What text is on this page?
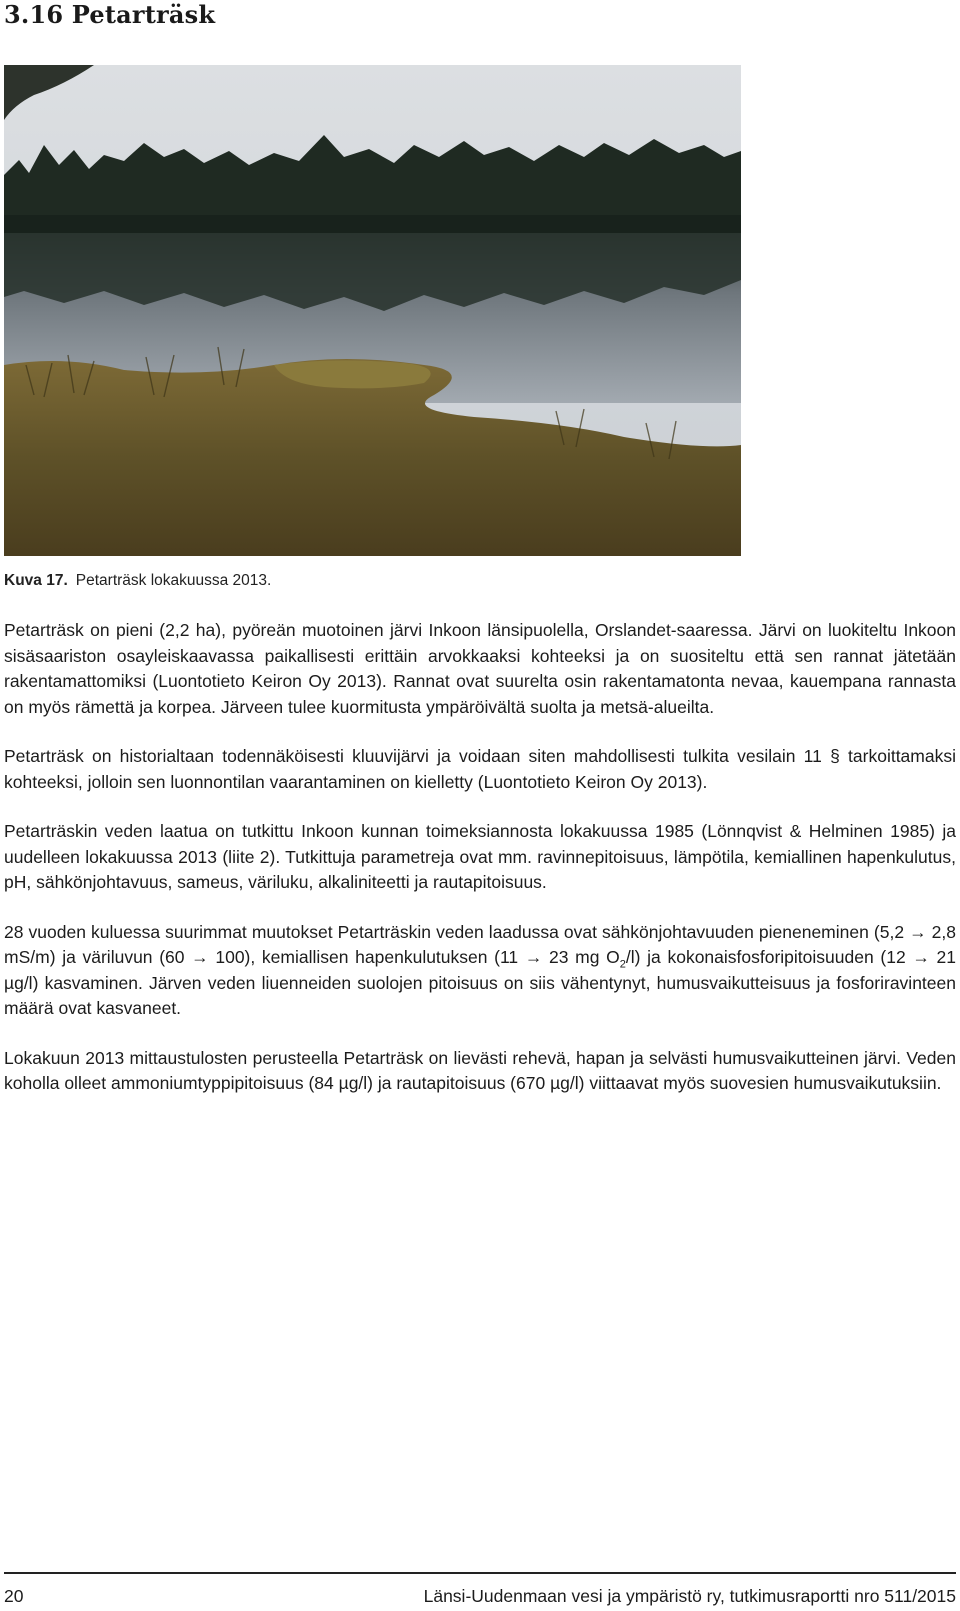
3.16 Petarträsk
Kuva 17. Petarträsk lokakuussa 2013.

Petarträsk on pieni (2,2 ha), pyöreän muotoinen järvi Inkoon länsipuolella, Orslandet-saaressa. Järvi on luokiteltu Inkoon sisäsaariston osayleiskaavassa paikallisesti erittäin arvokkaaksi kohteeksi ja on suositeltu että sen rannat jätetään rakentamattomiksi (Luontotieto Keiron Oy 2013). Rannat ovat suurelta osin rakentamatonta nevaa, kauempana rannasta on myös rämettä ja korpea. Järveen tulee kuormitusta ympäröivältä suolta ja metsä-alueilta.

Petarträsk on historialtaan todennäköisesti kluuvijärvi ja voidaan siten mahdollisesti tulkita vesilain 11 § tarkoittamaksi kohteeksi, jolloin sen luonnontilan vaarantaminen on kielletty (Luontotieto Keiron Oy 2013).

Petarträskin veden laatua on tutkittu Inkoon kunnan toimeksiannosta lokakuussa 1985 (Lönnqvist & Helminen 1985) ja uudelleen lokakuussa 2013 (liite 2). Tutkittuja parametreja ovat mm. ravinnepitoisuus, lämpötila, kemiallinen hapenkulutus, pH, sähkönjohtavuus, sameus, väriluku, alkaliniteetti ja rautapitoisuus.

28 vuoden kuluessa suurimmat muutokset Petarträskin veden laadussa ovat sähkönjohtavuuden pieneneminen (5,2 → 2,8 mS/m) ja väriluvun (60 → 100), kemiallisen hapenkulutuksen (11 → 23 mg $O_2/l$) ja kokonaisfosforipitoisuuden (12 → 21 µg/l) kasvaminen. Järven veden liuenneiden suolojen pitoisuus on siis vähentynyt, humusvaikutteisuus ja fosforiravinteen määrä ovat kasvaneet.

Lokakuun 2013 mittaustulosten perusteella Petarträsk on lievästi rehevä, hapan ja selvästi humusvaikutteinen järvi. Veden koholla olleet ammoniumtyppipitoisuus (84 µg/l) ja rautapitoisuus (670 µg/l) viittaavat myös suovesien humusvaikutuksiin.

20	Länsi-Uudenmaan vesi ja ympäristö ry, tutkimusraportti nro 511/2015
